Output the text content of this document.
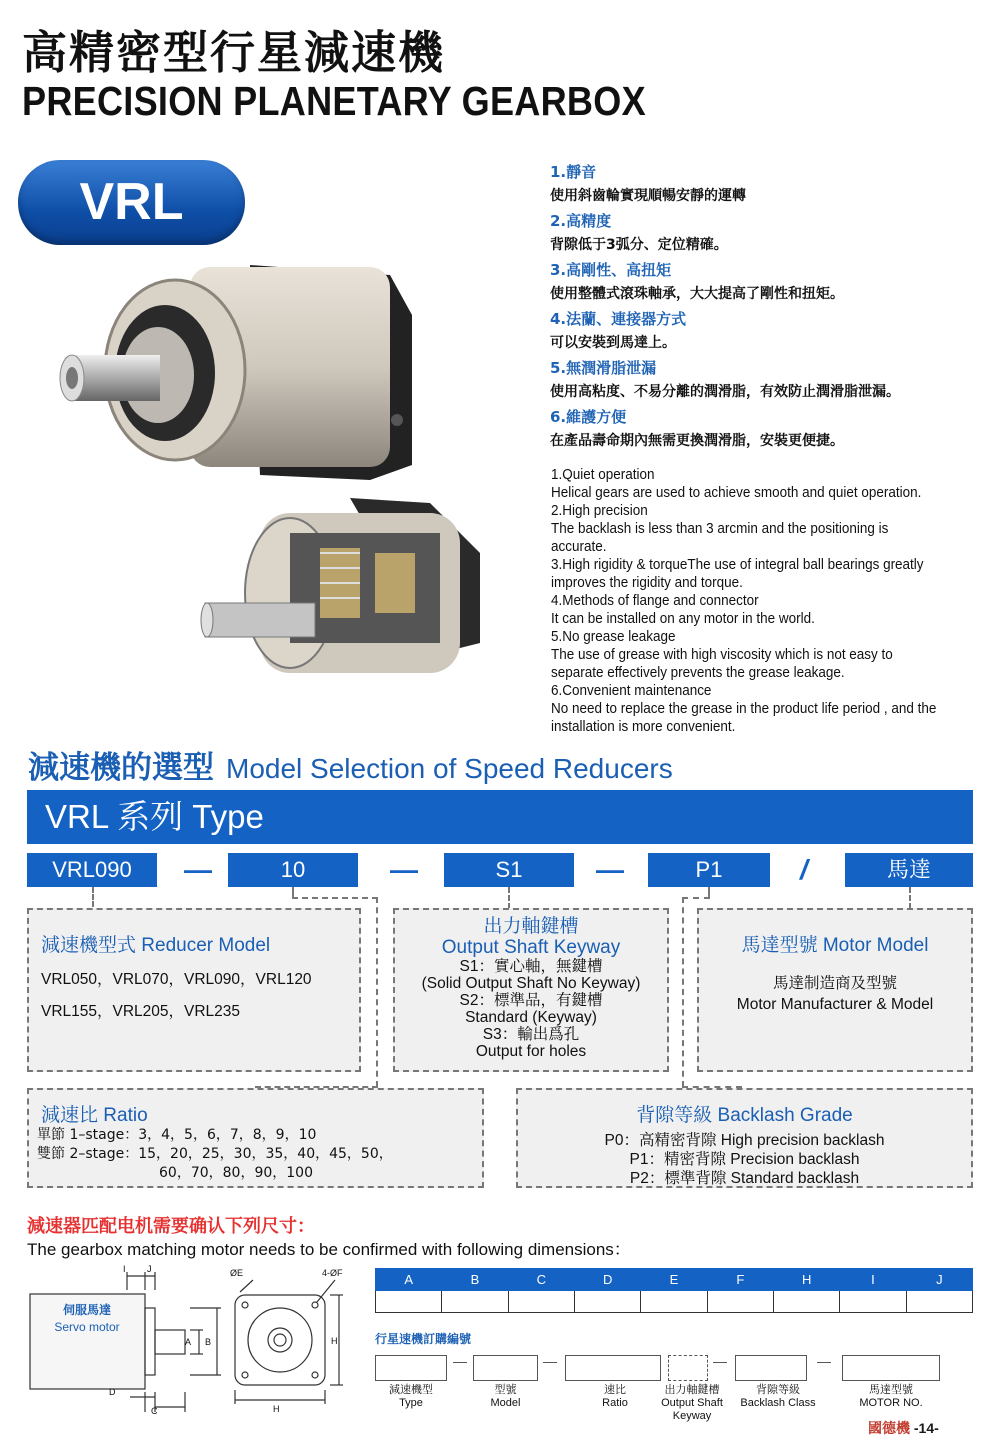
高精密型行星減速機
PRECISION PLANETARY GEARBOX
VRL
1.靜音
使用斜齒輪實現順暢安靜的運轉
2.高精度
背隙低于3弧分、定位精確。
3.高剛性、高扭矩
使用整體式滾珠軸承，大大提高了剛性和扭矩。
4.法蘭、連接器方式
可以安裝到馬達上。
5.無潤滑脂泄漏
使用高粘度、不易分離的潤滑脂，有效防止潤滑脂泄漏。
6.維護方便
在產品壽命期內無需更換潤滑脂，安裝更便捷。
1.Quiet operation
Helical gears are used to achieve smooth and quiet operation.
2.High precision
The backlash is less than 3 arcmin and the positioning is
accurate.
3.High rigidity & torqueThe use of integral ball bearings greatly
improves the rigidity and torque.
4.Methods of flange and connector
It can be installed on any motor in the world.
5.No grease leakage
The use of grease with high viscosity which is not easy to
separate effectively prevents the grease leakage.
6.Convenient maintenance
No need to replace the grease in the product life period , and the
installation is more convenient.
減速機的選型 Model Selection of Speed Reducers
VRL 系列 Type
VRL090	—	10	—	S1	—	P1	/	馬達
減速機型式 Reducer Model
VRL050，VRL070，VRL090，VRL120
VRL155，VRL205，VRL235
出力軸鍵槽
Output Shaft Keyway
S1：實心軸，無鍵槽
(Solid Output Shaft No Keyway)
S2：標準品，有鍵槽
Standard (Keyway)
S3：輸出爲孔
Output for holes
馬達型號 Motor Model
馬達制造商及型號
Motor Manufacturer & Model
減速比 Ratio
單節 1–stage：3，4，5，6，7，8，9，10
雙節 2–stage：15，20，25，30，35，40，45，50，
60，70，80，90，100
背隙等級 Backlash Grade
P0：高精密背隙 High precision backlash
P1：精密背隙 Precision backlash
P2：標準背隙 Standard backlash
減速器匹配电机需要确认下列尺寸：
The gearbox matching motor needs to be confirmed with following dimensions：
I J
A B
D
C
ØE	4-ØF
H
H
伺服馬達
Servo motor
A	B	C	D	E	F	H	I	J

行星速機訂購編號
減速機型
Type
型號
Model
速比
Ratio
出力軸鍵槽
Output Shaft
Keyway
背隙等級
Backlash Class
馬達型號
MOTOR NO.
國德機 -14-
